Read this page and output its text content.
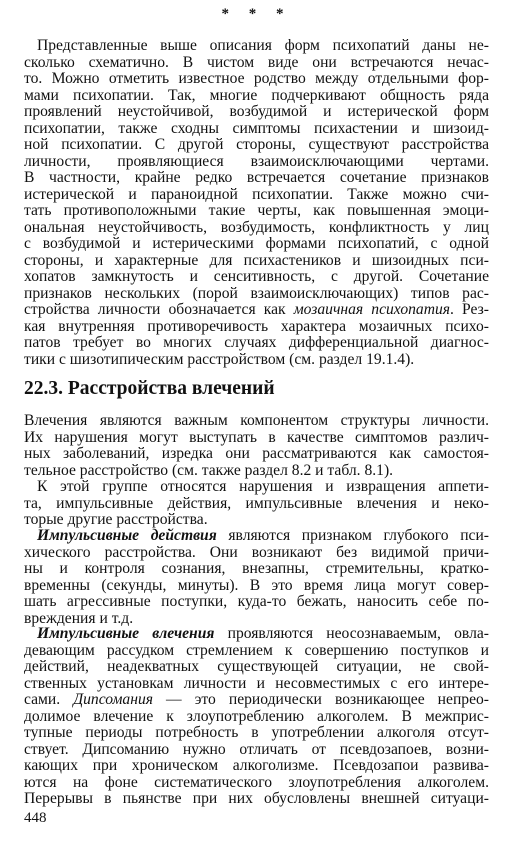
* * *
Представленные выше описания форм психопатий даны не-
сколько схематично. В чистом виде они встречаются нечас-
то. Можно отметить известное родство между отдельными фор-
мами психопатии. Так, многие подчеркивают общность ряда
проявлений неустойчивой, возбудимой и истерической форм
психопатии, также сходны симптомы психастении и шизоид-
ной психопатии. С другой стороны, существуют расстройства
личности, проявляющиеся взаимоисключающими чертами.
В частности, крайне редко встречается сочетание признаков
истерической и параноидной психопатии. Также можно счи-
тать противоположными такие черты, как повышенная эмоци-
ональная неустойчивость, возбудимость, конфликтность у лиц
с возбудимой и истерическими формами психопатий, с одной
стороны, и характерные для психастеников и шизоидных пси-
хопатов замкнутость и сенситивность, с другой. Сочетание
признаков нескольких (порой взаимоисключающих) типов рас-
стройства личности обозначается как мозаичная психопатия. Рез-
кая внутренняя противоречивость характера мозаичных психо-
патов требует во многих случаях дифференциальной диагнос-
тики с шизотипическим расстройством (см. раздел 19.1.4).
22.3. Расстройства влечений
Влечения являются важным компонентом структуры личности.
Их нарушения могут выступать в качестве симптомов различ-
ных заболеваний, изредка они рассматриваются как самостоя-
тельное расстройство (см. также раздел 8.2 и табл. 8.1).
К этой группе относятся нарушения и извращения аппети-
та, импульсивные действия, импульсивные влечения и неко-
торые другие расстройства.
Импульсивные действия являются признаком глубокого пси-
хического расстройства. Они возникают без видимой причи-
ны и контроля сознания, внезапны, стремительны, кратко-
временны (секунды, минуты). В это время лица могут совер-
шать агрессивные поступки, куда-то бежать, наносить себе по-
вреждения и т.д.
Импульсивные влечения проявляются неосознаваемым, овла-
девающим рассудком стремлением к совершению поступков и
действий, неадекватных существующей ситуации, не свой-
ственных установкам личности и несовместимых с его интере-
сами. Дипсомания — это периодически возникающее непрео-
долимое влечение к злоупотреблению алкоголем. В межприс-
тупные периоды потребность в употреблении алкоголя отсут-
ствует. Дипсоманию нужно отличать от псевдозапоев, возни-
кающих при хроническом алкоголизме. Псевдозапои развива-
ются на фоне систематического злоупотребления алкоголем.
Перерывы в пьянстве при них обусловлены внешней ситуаци-
448
